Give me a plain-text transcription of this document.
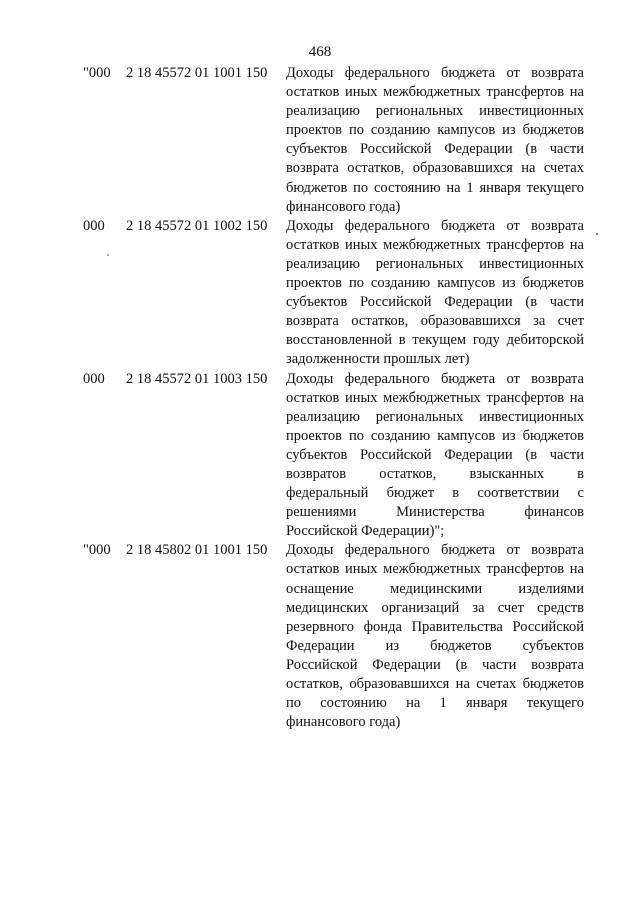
468
"000 2 18 45572 01 1001 150 Доходы федерального бюджета от возврата
остатков иных межбюджетных трансфертов на
реализацию региональных инвестиционных
проектов по созданию кампусов из бюджетов
субъектов Российской Федерации (в части
возврата остатков, образовавшихся на счетах
бюджетов по состоянию на 1 января текущего
финансового года)
000 2 18 45572 01 1002 150 Доходы федерального бюджета от возврата
остатков иных межбюджетных трансфертов на
реализацию региональных инвестиционных
проектов по созданию кампусов из бюджетов
субъектов Российской Федерации (в части
возврата остатков, образовавшихся за счет
восстановленной в текущем году дебиторской
задолженности прошлых лет)
000 2 18 45572 01 1003 150 Доходы федерального бюджета от возврата
остатков иных межбюджетных трансфертов на
реализацию региональных инвестиционных
проектов по созданию кампусов из бюджетов
субъектов Российской Федерации (в части
возвратов остатков, взысканных в
федеральный бюджет в соответствии с
решениями Министерства финансов
Российской Федерации)";
"000 2 18 45802 01 1001 150 Доходы федерального бюджета от возврата
остатков иных межбюджетных трансфертов на
оснащение медицинскими изделиями
медицинских организаций за счет средств
резервного фонда Правительства Российской
Федерации из бюджетов субъектов
Российской Федерации (в части возврата
остатков, образовавшихся на счетах бюджетов
по состоянию на 1 января текущего
финансового года)
